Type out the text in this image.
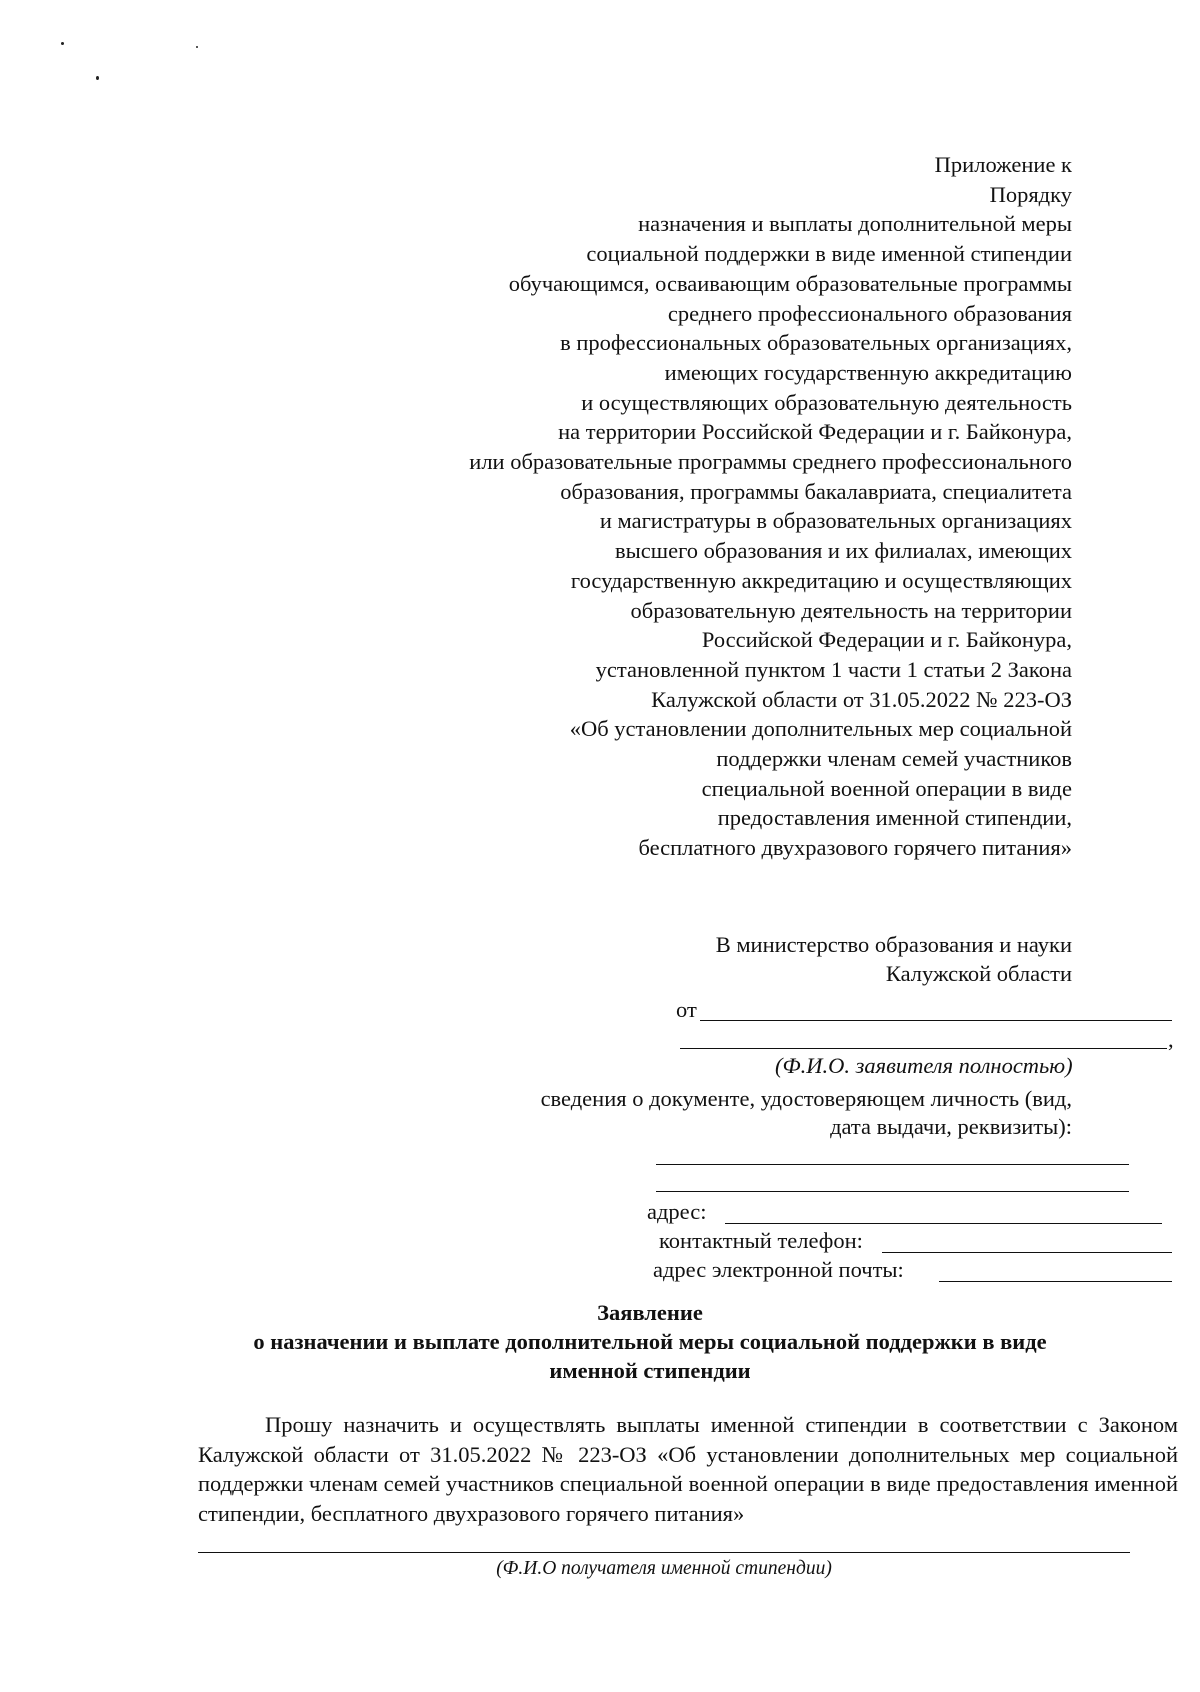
Приложение к
Порядку
назначения и выплаты дополнительной меры
социальной поддержки в виде именной стипендии
обучающимся, осваивающим образовательные программы
среднего профессионального образования
в профессиональных образовательных организациях,
имеющих государственную аккредитацию
и осуществляющих образовательную деятельность
на территории Российской Федерации и г. Байконура,
или образовательные программы среднего профессионального
образования, программы бакалавриата, специалитета
и магистратуры в образовательных организациях
высшего образования и их филиалах, имеющих
государственную аккредитацию и осуществляющих
образовательную деятельность на территории
Российской Федерации и г. Байконура,
установленной пунктом 1 части 1 статьи 2 Закона
Калужской области от 31.05.2022 № 223-ОЗ
«Об установлении дополнительных мер социальной
поддержки членам семей участников
специальной военной операции в виде
предоставления именной стипендии,
бесплатного двухразового горячего питания»
В министерство образования и науки
Калужской области
от
,
(Ф.И.О. заявителя полностью)
сведения о документе, удостоверяющем личность (вид,
дата выдачи, реквизиты):
адрес:
контактный телефон:
адрес электронной почты:
Заявление
о назначении и выплате дополнительной меры социальной поддержки в виде
именной стипендии
Прошу назначить и осуществлять выплаты именной стипендии в соответствии с Законом Калужской области от 31.05.2022 № 223-ОЗ «Об установлении дополнительных мер социальной поддержки членам семей участников специальной военной операции в виде предоставления именной стипендии, бесплатного двухразового горячего питания»
(Ф.И.О получателя именной стипендии)
